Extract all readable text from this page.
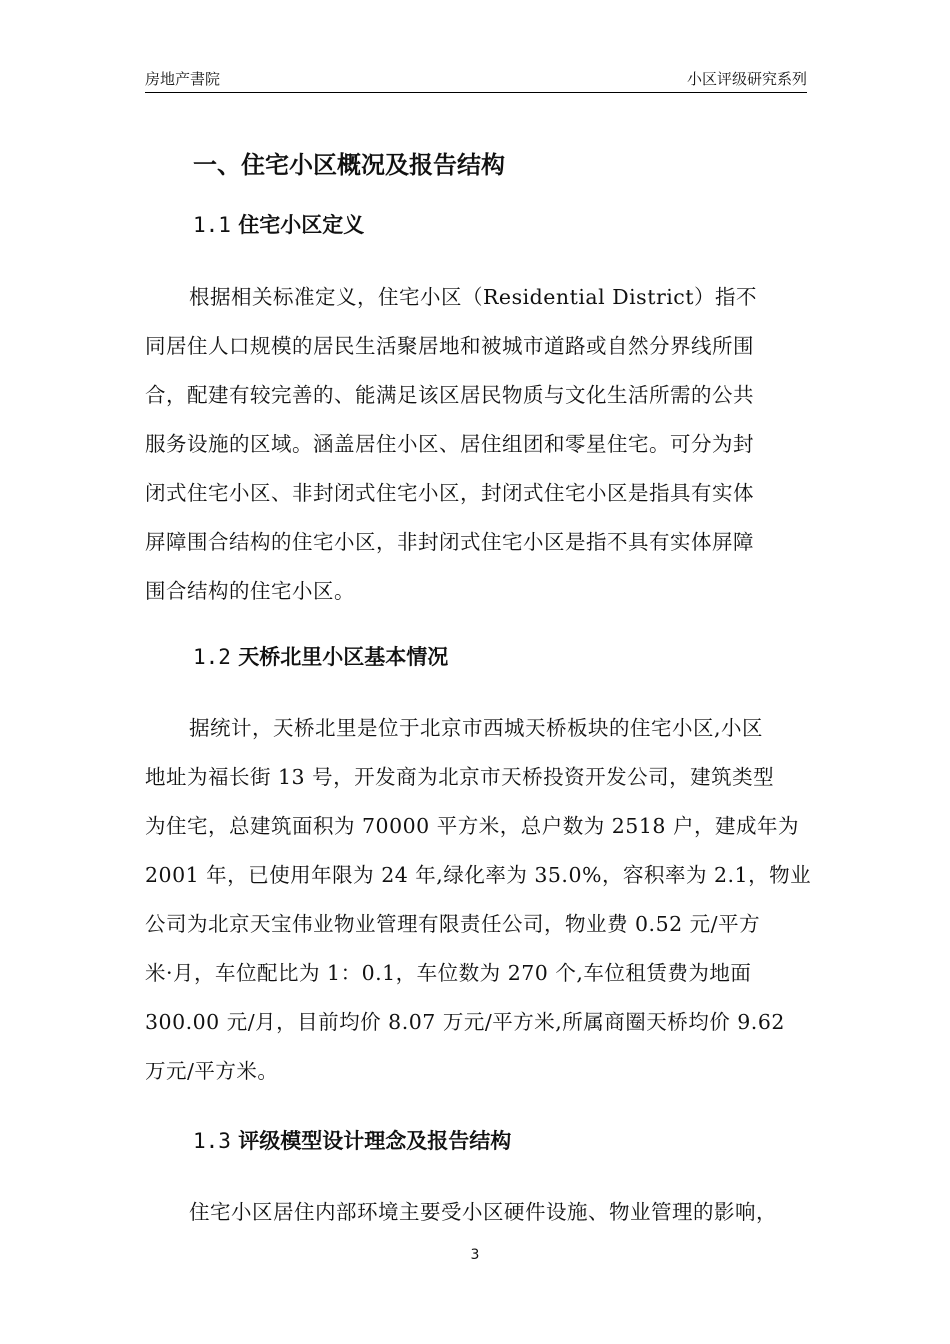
房地产書院	小区评级研究系列
一、住宅小区概况及报告结构
1.1 住宅小区定义

根据相关标准定义，住宅小区（Residential District）指不
同居住人口规模的居民生活聚居地和被城市道路或自然分界线所围
合，配建有较完善的、能满足该区居民物质与文化生活所需的公共
服务设施的区域。涵盖居住小区、居住组团和零星住宅。可分为封
闭式住宅小区、非封闭式住宅小区，封闭式住宅小区是指具有实体
屏障围合结构的住宅小区，非封闭式住宅小区是指不具有实体屏障
围合结构的住宅小区。

1.2 天桥北里小区基本情况

据统计，天桥北里是位于北京市西城天桥板块的住宅小区,小区
地址为福长街 13 号，开发商为北京市天桥投资开发公司，建筑类型
为住宅，总建筑面积为 70000 平方米，总户数为 2518 户，建成年为
2001 年，已使用年限为 24 年,绿化率为 35.0%，容积率为 2.1，物业
公司为北京天宝伟业物业管理有限责任公司，物业费 0.52 元/平方
米·月，车位配比为 1：0.1，车位数为 270 个,车位租赁费为地面
300.00 元/月，目前均价 8.07 万元/平方米,所属商圈天桥均价 9.62
万元/平方米。

1.3 评级模型设计理念及报告结构

住宅小区居住内部环境主要受小区硬件设施、物业管理的影响，

3
